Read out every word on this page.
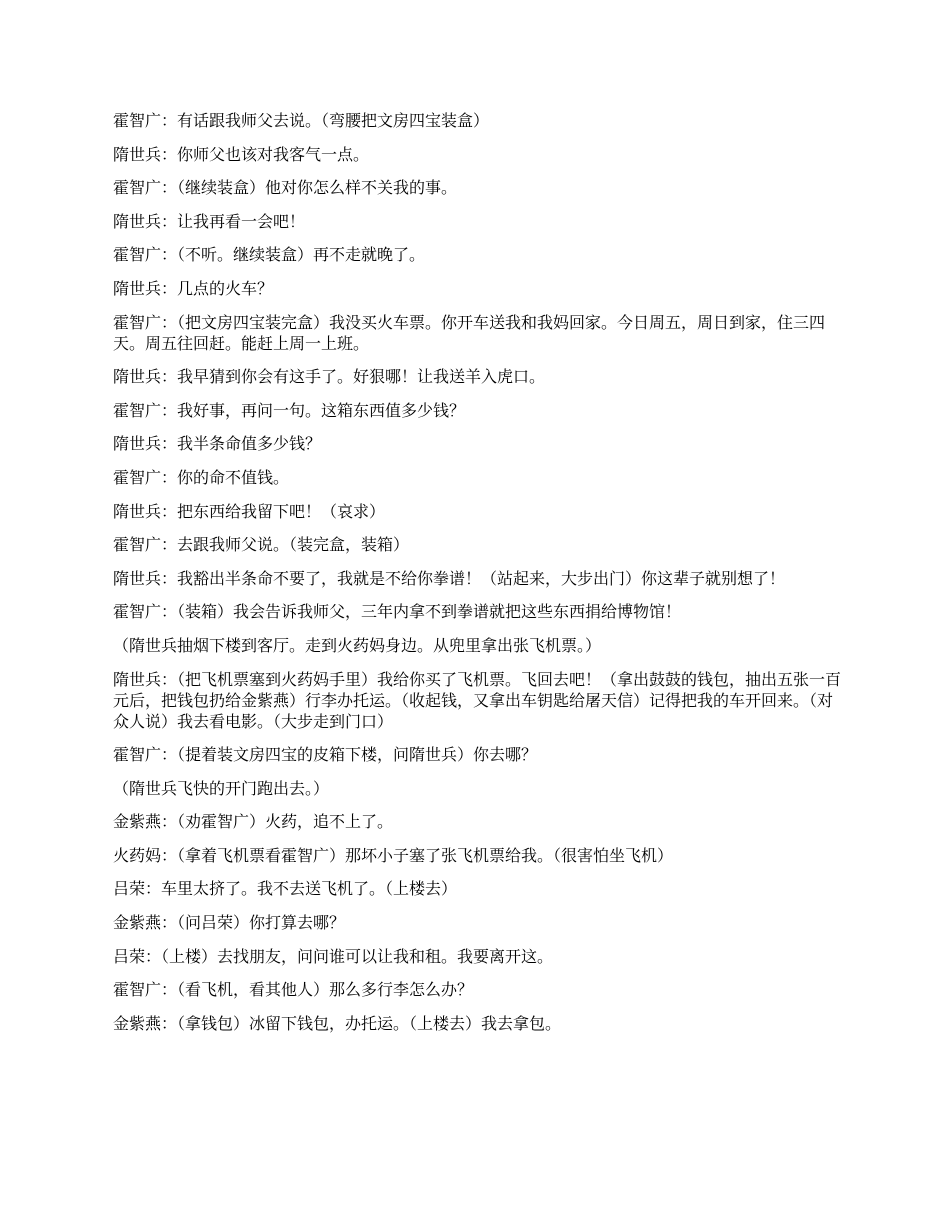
霍智广：有话跟我师父去说。（弯腰把文房四宝装盒）

隋世兵：你师父也该对我客气一点。

霍智广：（继续装盒）他对你怎么样不关我的事。

隋世兵：让我再看一会吧！

霍智广：（不听。继续装盒）再不走就晚了。

隋世兵：几点的火车？

霍智广：（把文房四宝装完盒）我没买火车票。你开车送我和我妈回家。今日周五，周日到家，住三四天。周五往回赶。能赶上周一上班。

隋世兵：我早猜到你会有这手了。好狠哪！让我送羊入虎口。

霍智广：我好事，再问一句。这箱东西值多少钱？

隋世兵：我半条命值多少钱？

霍智广：你的命不值钱。

隋世兵：把东西给我留下吧！（哀求）

霍智广：去跟我师父说。（装完盒，装箱）

隋世兵：我豁出半条命不要了，我就是不给你拳谱！（站起来，大步出门）你这辈子就别想了！

霍智广：（装箱）我会告诉我师父，三年内拿不到拳谱就把这些东西捐给博物馆！

（隋世兵抽烟下楼到客厅。走到火药妈身边。从兜里拿出张飞机票。）

隋世兵：（把飞机票塞到火药妈手里）我给你买了飞机票。飞回去吧！（拿出鼓鼓的钱包，抽出五张一百元后，把钱包扔给金紫燕）行李办托运。（收起钱，又拿出车钥匙给屠天信）记得把我的车开回来。（对众人说）我去看电影。（大步走到门口）

霍智广：（提着装文房四宝的皮箱下楼，问隋世兵）你去哪？

（隋世兵飞快的开门跑出去。）

金紫燕：（劝霍智广）火药，追不上了。

火药妈：（拿着飞机票看霍智广）那坏小子塞了张飞机票给我。（很害怕坐飞机）

吕荣：车里太挤了。我不去送飞机了。（上楼去）

金紫燕：（问吕荣）你打算去哪？

吕荣：（上楼）去找朋友，问问谁可以让我和租。我要离开这。

霍智广：（看飞机，看其他人）那么多行李怎么办？

金紫燕：（拿钱包）冰留下钱包，办托运。（上楼去）我去拿包。
